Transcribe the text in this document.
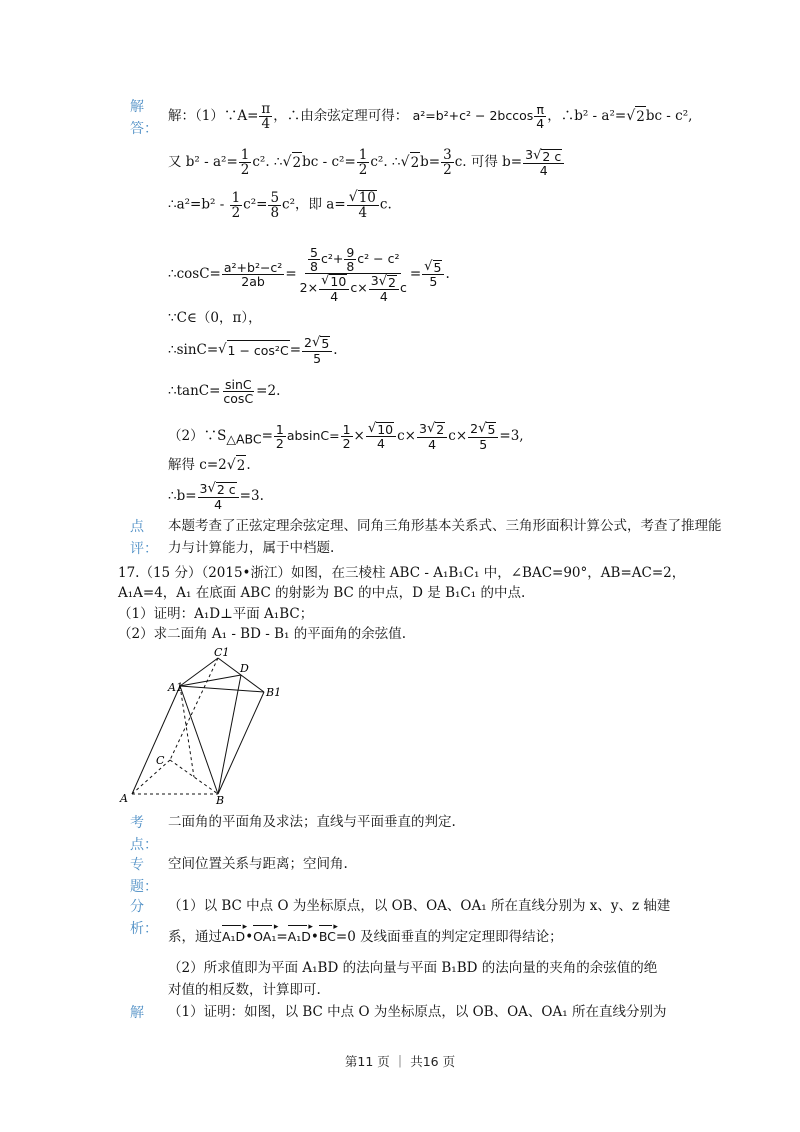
解
答：
解：（1）∵A= $\frac{\pi}{4}$ ，∴由余弦定理可得： $a^2=b^2+c^2 - 2bccos \frac{\pi}{4}$ ，∴b² - a²= √ 2 bc - c²,
又 $b^2 - a^2= \frac{1}{2} c^2$. ∴ √ 2 bc - $c^2= \frac{1}{2} c^2$. ∴ √ 2 $b= \frac{3}{2} c$. 可得 $b= \frac{3 √ 2 c}{4}$
∴a²=b² - $\frac{1}{2} c^2= \frac{5}{8} c^2$，即 $a= \frac{√ 10}{4} c$.
∴cosC= $\frac{\text{a²+b²−c²}}{2ab} = \frac{\frac{5}{8} c^2+ \frac{9}{8} c^2 - c^2}{2\times \frac{√ 10}{4} c\times \frac{3 √ 2}{4} c} = \frac{√ 5}{5}$ .
∵C∈（0，π），
∴sinC= √ $1 - \cos^2C = \frac{2 √ 5}{5}$ .
∴tanC= $\frac{\sin C}{\cos C} =2$.
$(2)\because S_{\triangle ABC}= \frac{1}{2} absinC= \frac{1}{2} \times \frac{√ 10}{4} c\times \frac{3 √ 2}{4} c\times \frac{2 √ 5}{5} =3$,
解得 c=2 √ 2 .
∴b= $\frac{3 √ 2 c}{4} =3$.
点
评：
本题考查了正弦定理余弦定理、同角三角形基本关系式、三角形面积计算公式，考查了推理能
力与计算能力，属于中档题.
17.（15 分）（2015•浙江）如图，在三棱柱 ABC - A₁B₁C₁ 中，∠BAC=90°，AB=AC=2，
A₁A=4，A₁ 在底面 ABC 的射影为 BC 的中点，D 是 B₁C₁ 的中点.
（1）证明：A₁D⊥平面 A₁BC；
（2）求二面角 A₁ - BD - B₁ 的平面角的余弦值.
A	B
C
A1	B1
C1
D
考
点：
二面角的平面角及求法；直线与平面垂直的判定.
专
题：
空间位置关系与距离；空间角.
分
析：
（1）以 BC 中点 O 为坐标原点，以 OB、OA、OA₁ 所在直线分别为 x、y、z 轴建
系，通过A₁D ▸•OA₁ ▸=A₁D ▸•BC ▸=0 及线面垂直的判定定理即得结论；
（2）所求值即为平面 A₁BD 的法向量与平面 B₁BD 的法向量的夹角的余弦值的绝
对值的相反数，计算即可.
解	（1）证明：如图，以 BC 中点 O 为坐标原点，以 OB、OA、OA₁ 所在直线分别为
第11 页 ｜ 共16 页
